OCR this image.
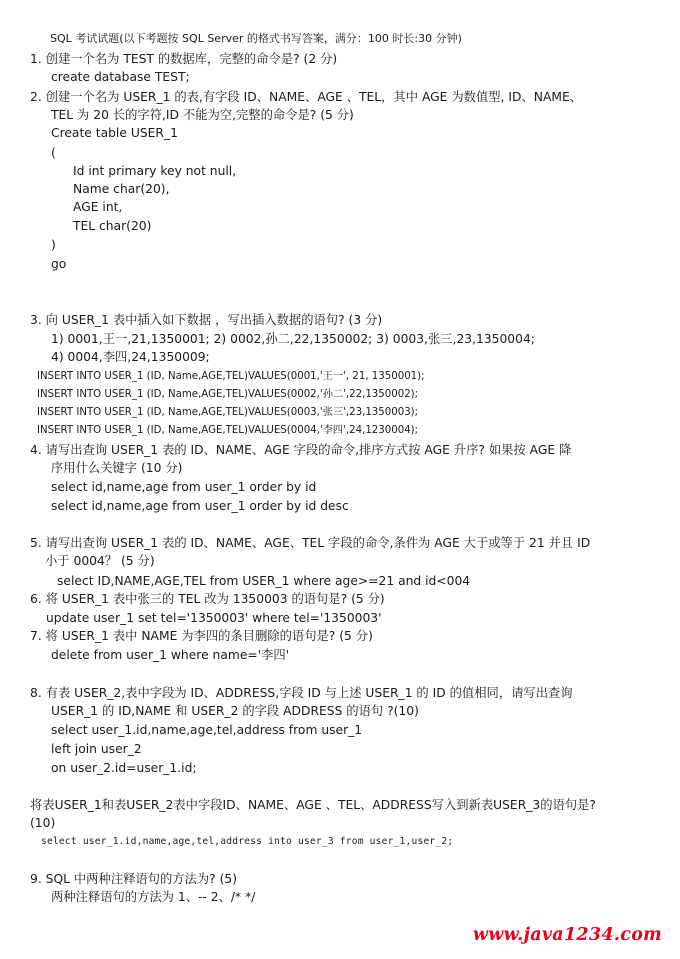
SQL 考试试题(以下考题按 SQL Server 的格式书写答案，满分：100 时长:30 分钟)
1. 创建一个名为 TEST 的数据库，完整的命令是? (2 分)
create database TEST;
2. 创建一个名为 USER_1 的表,有字段 ID、NAME、AGE 、TEL，其中 AGE 为数值型, ID、NAME、
TEL 为 20 长的字符,ID 不能为空,完整的命令是? (5 分)
Create table USER_1
(
Id int primary key not null,
Name char(20),
AGE int,
TEL char(20)
)
go
3. 向 USER_1 表中插入如下数据 ，写出插入数据的语句? (3 分)
1) 0001,王一,21,1350001; 2) 0002,孙二,22,1350002; 3) 0003,张三,23,1350004;
4) 0004,李四,24,1350009;
INSERT INTO USER_1 (ID, Name,AGE,TEL)VALUES(0001,'王一', 21, 1350001);
INSERT INTO USER_1 (ID, Name,AGE,TEL)VALUES(0002,'孙二',22,1350002);
INSERT INTO USER_1 (ID, Name,AGE,TEL)VALUES(0003,'张三',23,1350003);
INSERT INTO USER_1 (ID, Name,AGE,TEL)VALUES(0004,'李四',24,1230004);
4. 请写出查询 USER_1 表的 ID、NAME、AGE 字段的命令,排序方式按 AGE 升序? 如果按 AGE 降
序用什么关键字 (10 分)
select id,name,age from user_1 order by id
select id,name,age from user_1 order by id desc
5. 请写出查询 USER_1 表的 ID、NAME、AGE、TEL 字段的命令,条件为 AGE 大于或等于 21 并且 ID
小于 0004？ (5 分)
select ID,NAME,AGE,TEL from USER_1 where age>=21 and id<004
6. 将 USER_1 表中张三的 TEL 改为 1350003 的语句是? (5 分)
update user_1 set tel='1350003' where tel='1350003'
7. 将 USER_1 表中 NAME 为李四的条目删除的语句是? (5 分)
delete from user_1 where name='李四'
8. 有表 USER_2,表中字段为 ID、ADDRESS,字段 ID 与上述 USER_1 的 ID 的值相同，请写出查询
USER_1 的 ID,NAME 和 USER_2 的字段 ADDRESS 的语句 ?(10)
select user_1.id,name,age,tel,address from user_1
left join user_2
on user_2.id=user_1.id;
将表USER_1和表USER_2表中字段ID、NAME、AGE 、TEL、ADDRESS写入到新表USER_3的语句是?
(10)
select user_1.id,name,age,tel,address into user_3 from user_1,user_2;
9. SQL 中两种注释语句的方法为? (5)
两种注释语句的方法为 1、-- 2、/* */
www.java1234.com
